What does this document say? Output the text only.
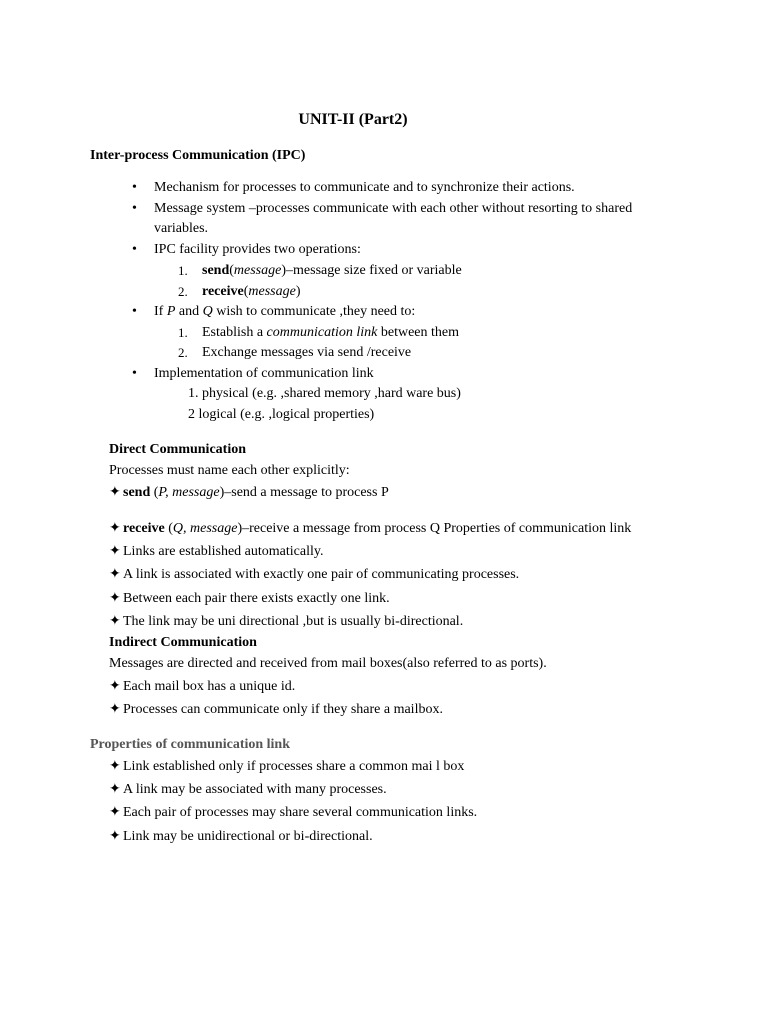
UNIT-II (Part2)
Inter-process Communication (IPC)
• Mechanism for processes to communicate and to synchronize their actions.
• Message system –processes communicate with each other without resorting to shared
variables.
• IPC facility provides two operations:
1. send(message)–message size fixed or variable
2. receive(message)
• If P and Q wish to communicate ,they need to:
1. Establish a communication link between them
2. Exchange messages via send /receive
• Implementation of communication link
1. physical (e.g. ,shared memory ,hard ware bus)
2 logical (e.g. ,logical properties)
Direct Communication
Processes must name each other explicitly:
✦ send (P, message)–send a message to process P
✦ receive (Q, message)–receive a message from process Q Properties of communication link
✦ Links are established automatically.
✦ A link is associated with exactly one pair of communicating processes.
✦ Between each pair there exists exactly one link.
✦ The link may be uni directional ,but is usually bi-directional.
Indirect Communication
Messages are directed and received from mail boxes(also referred to as ports).
✦ Each mail box has a unique id.
✦ Processes can communicate only if they share a mailbox.
Properties of communication link
✦ Link established only if processes share a common mai l box
✦ A link may be associated with many processes.
✦ Each pair of processes may share several communication links.
✦ Link may be unidirectional or bi-directional.
